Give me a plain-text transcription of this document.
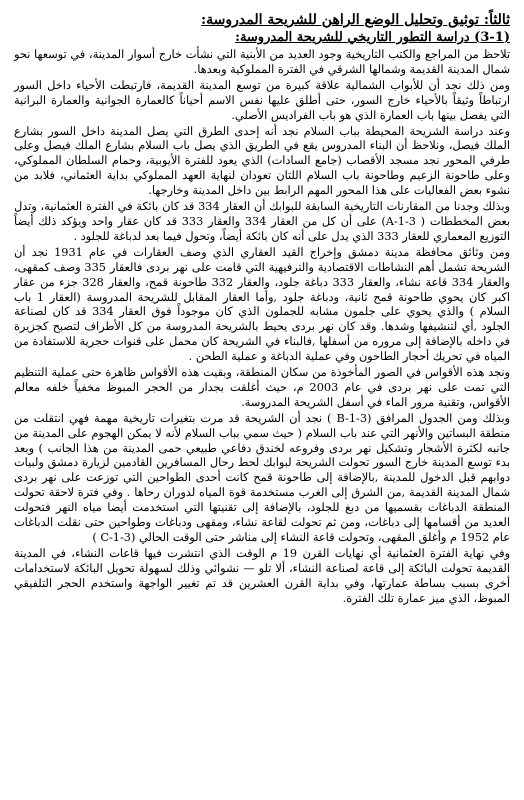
ثالثاً: توثيق وتحليل الوضع الراهن للشريحة المدروسة:
(3-1) دراسة التطور التاريخي للشريحة المدروسة:
تلاحظ من المراجع والكتب التاريخية وجود العديد من الأبنية التي نشأت خارج أسوار المدينة، في توسعها نحو شمال المدينة القديمة وشمالها الشرقي في الفترة المملوكية وبعدها.
ومن ذلك نجد أن للأبواب الشمالية علاقة كبيرة من توسع المدينة القديمة، فارتبطت الأحياء داخل السور ارتباطاً وثيقاً بالأحياء خارج السور، حتى أطلق عليها نفس الاسم أحياناً كالعمارة الجوانية والعمارة البرانية التي يفصل بينها باب العمارة الذي هو باب الفراديس الأصلي.
وعند دراسة الشريحة المحيطة بباب السلام نجد أنه إحدى الطرق التي يصل المدينة داخل السور بشارع الملك فيصل، ونلاحظ أن البناء المدروس يقع في الطريق الذي يصل باب السلام بشارع الملك فيصل وعلى طرفي المحور نجد مسجد الأقصاب (جامع السادات) الذي يعود للفترة الأيوبية، وحمام السلطان المملوكي، وعلى طاحونة الزعيم وطاحونة باب السلام اللتان تعودان لنهاية العهد المملوكي بداية العثماني، فلابد من نشوء بعض الفعاليات على هذا المحور المهم الرابط بين داخل المدينة وخارجها.
وبذلك وجدنا من المقارنات التاريخية السابقة للبوابك أن العقار 334 قد كان بائكة في الفترة العثمانية، وتدل بعض المخططات ( A-1-3) على أن كل من العقار 334 والعقار 333 قد كان عقار واحد ويؤكد ذلك أيضاً التوزيع المعماري للعقار 333 الذي يدل على أنه كان بائكة أيضاً، وتحول فيما بعد لدباغة للجلود .
ومن وثائق محافظة مدينة دمشق وإخراج القيد العقاري الذي وصف العقارات في عام 1931 نجد أن الشريحة تشمل أهم النشاطات الاقتصادية والترفيهية التي قامت على نهر بردى فالعقار 335 وصف كمقهى، والعقار 334 قاعة نشاء، والعقار 333 دباغة جلود، والعقار 332 طاحونة قمح، والعقار 328 جزء من عقار اكبر كان يحوي طاحونة قمح ثانية، ودباغة جلود ,وأما العقار المقابل للشريحة المدروسة (العقار 1 باب السلام ) والذي يحوي على جلمون مشابه للجملون الذي كان موجوداً فوق العقار 334 قد كان لصناعة الجلود ,أي لتنشيفها وشدها. وقد كان نهر بردى يحيط بالشريحة المدروسة من كل الأطراف لتصبح كجزيرة في داخله بالإضافة إلى مروره من أسفلها ,فالبناء في الشريحة كان محمل على قنوات حجرية للاستفادة من المياه في تحريك أحجار الطاحون وفي عملية الدباغة و عملية الطحن .
ونجد هذه الأقواس في الصور المأخوذة من سكان المنطقة، وبقيت هذه الأقواس ظاهرة حتى عملية التنظيم التي تمت على نهر بردى في عام 2003 م، حيث أغلقت بجدار من الحجر المبوظ مخفياً خلفه معالم الأقواس، وتقنية مرور الماء في أسفل الشريحة المدروسة.
وبذلك ومن الجدول المرافق (B-1-3 ) نجد أن الشريحة قد مرت بتغيرات تاريخية مهمة فهي انتقلت من منطقة البساتين والأنهر التي عند باب السلام ( حيث سمي بباب السلام لأنه لا يمكن الهجوم على المدينة من جانبه لكثرة الأشجار وتشكيل نهر بردى وفروعه لخندق دفاعي طبيعي حمى المدينة من هذا الجانب ) وبعد بدء توسع المدينة خارج السور تحولت الشريحة لبوابك لحط رحال المسافرين القادمين لزيارة دمشق ولبيات دوابهم قبل الدخول للمدينة ,بالإضافة إلى طاحونة قمح كانت أحدى الطواحين التي توزعت على نهر بردى شمال المدينة القديمة ,من الشرق إلى الغرب مستخدمة قوة المياه لدوران رحاها . وفي فترة لاحقة تحولت المنطقة الدباغات بقسميها من دبغ للجلود، بالإضافة إلى تقنيتها التي استخدمت أيضا مياه النهر فتحولت العديد من أقسامها إلى دباغات، ومن ثم تحولت لقاعة نشاء، ومقهى ودباغات وطواحين حتى نقلت الدباغات عام 1952 م وأغلق المقهى، وتحولت قاعة النشاء إلى مناشر حتى الوقت الحالي (C-1-3 )
وفي نهاية الفترة العثمانية أي نهايات القرن 19 م الوقت الذي انتشرت فيها قاعات النشاء، في المدينة القديمة تحولت البائكة إلى قاعة لصناعة النشاء، ألا تلو — نشوائي وذلك لسهولة تحويل البائكة لاستخدامات أخرى بسبب بساطة عمارتها، وفي بداية القرن العشرين قد تم تغيير الواجهة واستخدم الحجر التلفيقي المبوظ، الذي ميز عمارة تلك الفترة.
